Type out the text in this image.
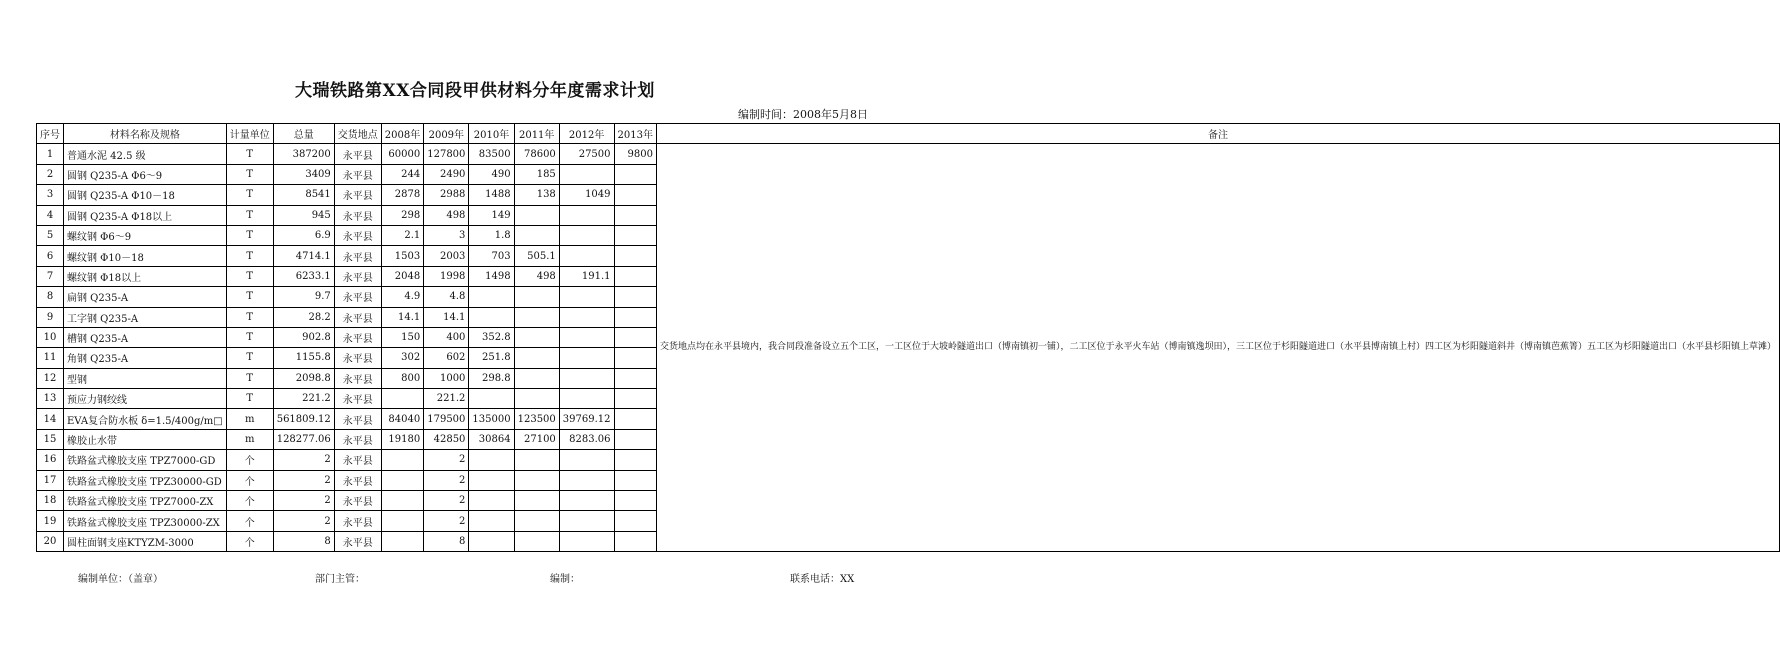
大瑞铁路第XX合同段甲供材料分年度需求计划
编制时间：2008年5月8日
序号	材料名称及规格	计量单位	总量	交货地点	2008年	2009年	2010年	2011年	2012年	2013年	备注
1	普通水泥 42.5 级	T	387200	永平县	60000	127800	83500	78600	27500	9800	交货地点均在永平县境内，我合同段准备设立五个工区，一工区位于大坡岭隧道出口（博南镇初一铺），二工区位于永平火车站（博南镇逸坝田），三工区位于杉阳隧道进口（水平县博南镇上村）四工区为杉阳隧道斜井（博南镇芭蕉箐）五工区为杉阳隧道出口（水平县杉阳镇上草滩）
2	圆钢 Q235-A Φ6～9	T	3409	永平县	244	2490	490	185			
3	圆钢 Q235-A Φ10－18	T	8541	永平县	2878	2988	1488	138	1049		
4	圆钢 Q235-A Φ18以上	T	945	永平县	298	498	149				
5	螺纹钢 Φ6～9	T	6.9	永平县	2.1	3	1.8				
6	螺纹钢 Φ10－18	T	4714.1	永平县	1503	2003	703	505.1			
7	螺纹钢 Φ18以上	T	6233.1	永平县	2048	1998	1498	498	191.1		
8	扁钢 Q235-A	T	9.7	永平县	4.9	4.8					
9	工字钢 Q235-A	T	28.2	永平县	14.1	14.1					
10	槽钢 Q235-A	T	902.8	永平县	150	400	352.8				
11	角钢 Q235-A	T	1155.8	永平县	302	602	251.8				
12	型钢	T	2098.8	永平县	800	1000	298.8				
13	预应力钢绞线	T	221.2	永平县		221.2					
14	EVA复合防水板 δ=1.5/400g/m□	m	561809.12	永平县	84040	179500	135000	123500	39769.12		
15	橡胶止水带	m	128277.06	永平县	19180	42850	30864	27100	8283.06		
16	铁路盆式橡胶支座 TPZ7000-GD	个	2	永平县		2					
17	铁路盆式橡胶支座 TPZ30000-GD	个	2	永平县		2					
18	铁路盆式橡胶支座 TPZ7000-ZX	个	2	永平县		2					
19	铁路盆式橡胶支座 TPZ30000-ZX	个	2	永平县		2					
20	圆柱面钢支座KTYZM-3000	个	8	永平县		8					
编制单位：（盖章）	部门主管：	编制：	联系电话：XX
